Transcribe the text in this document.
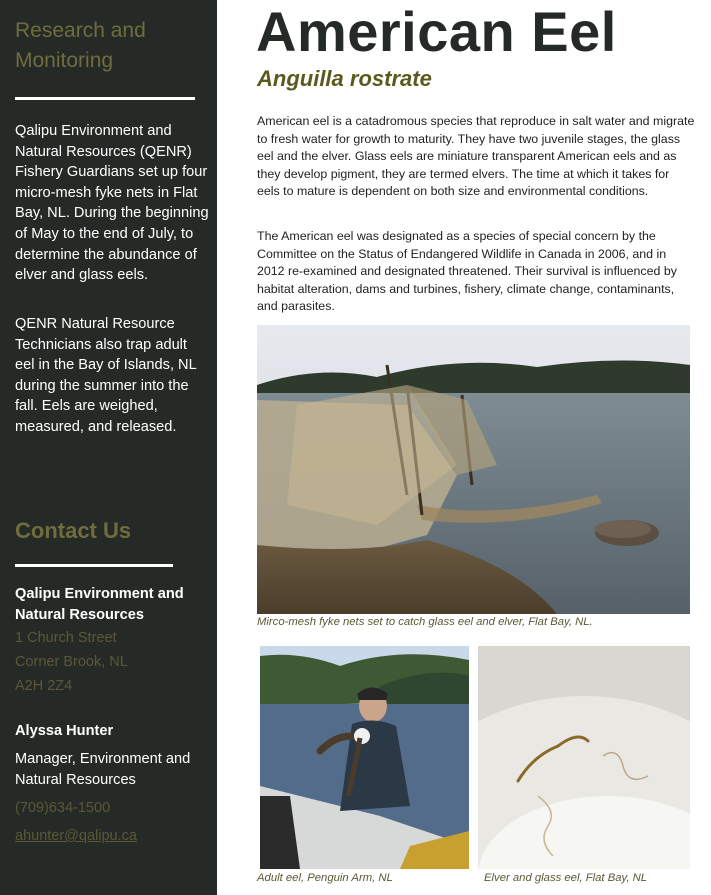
Research and Monitoring

Qalipu Environment and Natural Resources (QENR) Fishery Guardians set up four micro-mesh fyke nets in Flat Bay, NL. During the beginning of May to the end of July, to determine the abundance of elver and glass eels.

QENR Natural Resource Technicians also trap adult eel in the Bay of Islands, NL during the summer into the fall. Eels are weighed, measured, and released.

Contact Us
Qalipu Environment and Natural Resources
1 Church Street
Corner Brook, NL
A2H 2Z4
Alyssa Hunter
Manager, Environment and Natural Resources
(709)634-1500
ahunter@qalipu.ca
American Eel
Anguilla rostrate

American eel is a catadromous species that reproduce in salt water and migrate to fresh water for growth to maturity. They have two juvenile stages, the glass eel and the elver. Glass eels are miniature transparent American eels and as they develop pigment, they are termed elvers. The time at which it takes for eels to mature is dependent on both size and environmental conditions.

The American eel was designated as a species of special concern by the Committee on the Status of Endangered Wildlife in Canada in 2006, and in 2012 re-examined and designated threatened. Their survival is influenced by habitat alteration, dams and turbines, fishery, climate change, contaminants, and parasites.

Mirco-mesh fyke nets set to catch glass eel and elver, Flat Bay, NL.
Adult eel, Penguin Arm, NL	Elver and glass eel, Flat Bay, NL
